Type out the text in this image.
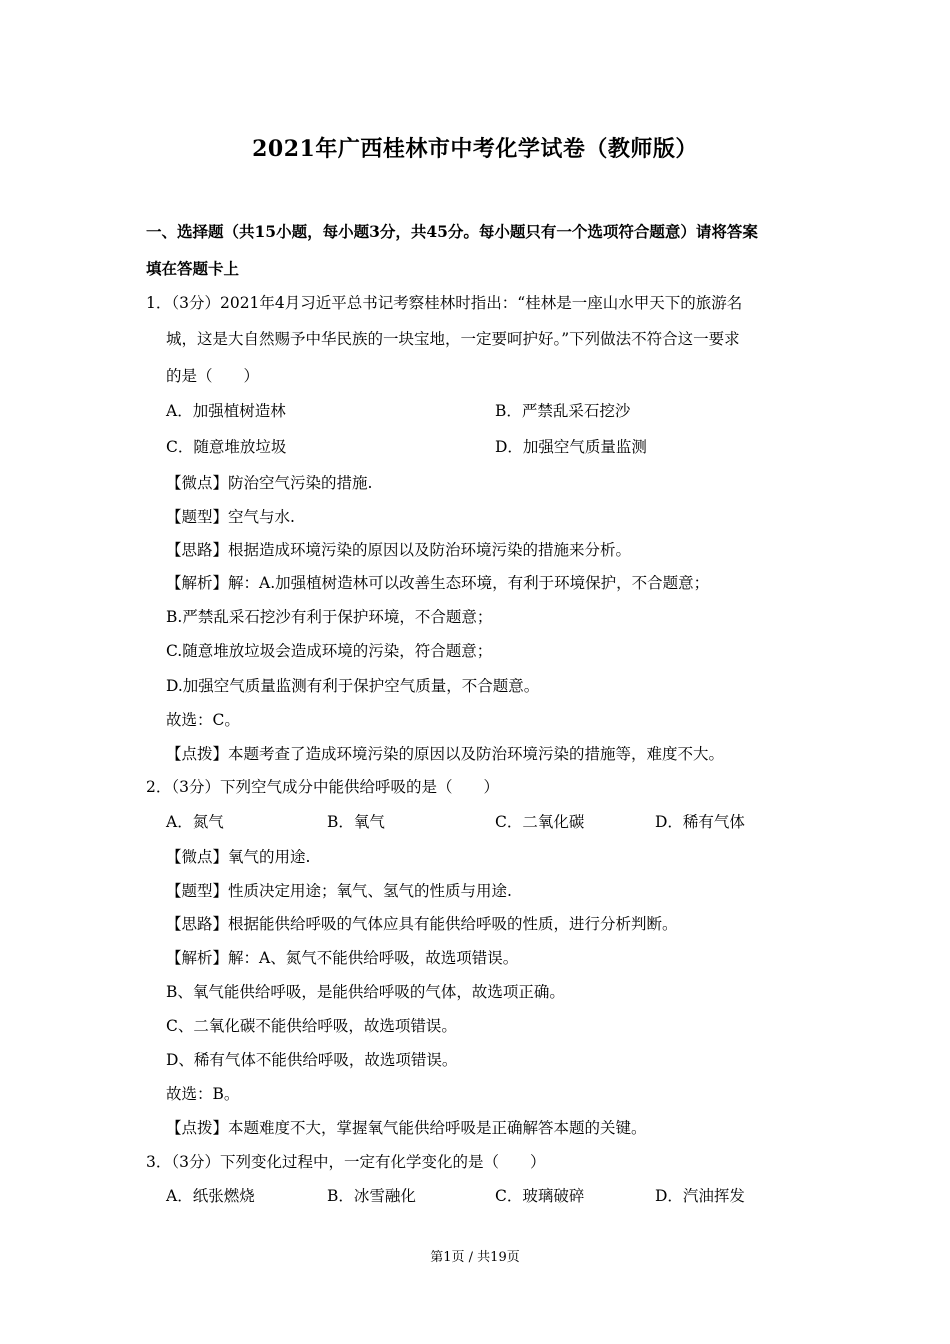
2021年广西桂林市中考化学试卷（教师版）
一、选择题（共15小题，每小题3分，共45分。每小题只有一个选项符合题意）请将答案
填在答题卡上
1．（3分）2021年4月习近平总书记考察桂林时指出：“桂林是一座山水甲天下的旅游名
城，这是大自然赐予中华民族的一块宝地，一定要呵护好。”下列做法不符合这一要求
的是（　　）
A．加强植树造林	B．严禁乱采石挖沙
C．随意堆放垃圾	D．加强空气质量监测
【微点】防治空气污染的措施.
【题型】空气与水.
【思路】根据造成环境污染的原因以及防治环境污染的措施来分析。
【解析】解：A.加强植树造林可以改善生态环境，有利于环境保护，不合题意；
B.严禁乱采石挖沙有利于保护环境，不合题意；
C.随意堆放垃圾会造成环境的污染，符合题意；
D.加强空气质量监测有利于保护空气质量，不合题意。
故选：C。
【点拨】本题考查了造成环境污染的原因以及防治环境污染的措施等，难度不大。
2．（3分）下列空气成分中能供给呼吸的是（　　）
A．氮气	B．氧气	C．二氧化碳	D．稀有气体
【微点】氧气的用途.
【题型】性质决定用途；氧气、氢气的性质与用途.
【思路】根据能供给呼吸的气体应具有能供给呼吸的性质，进行分析判断。
【解析】解：A、氮气不能供给呼吸，故选项错误。
B、氧气能供给呼吸，是能供给呼吸的气体，故选项正确。
C、二氧化碳不能供给呼吸，故选项错误。
D、稀有气体不能供给呼吸，故选项错误。
故选：B。
【点拨】本题难度不大，掌握氧气能供给呼吸是正确解答本题的关键。
3．（3分）下列变化过程中，一定有化学变化的是（　　）
A．纸张燃烧	B．冰雪融化	C．玻璃破碎	D．汽油挥发
第1页 / 共19页
